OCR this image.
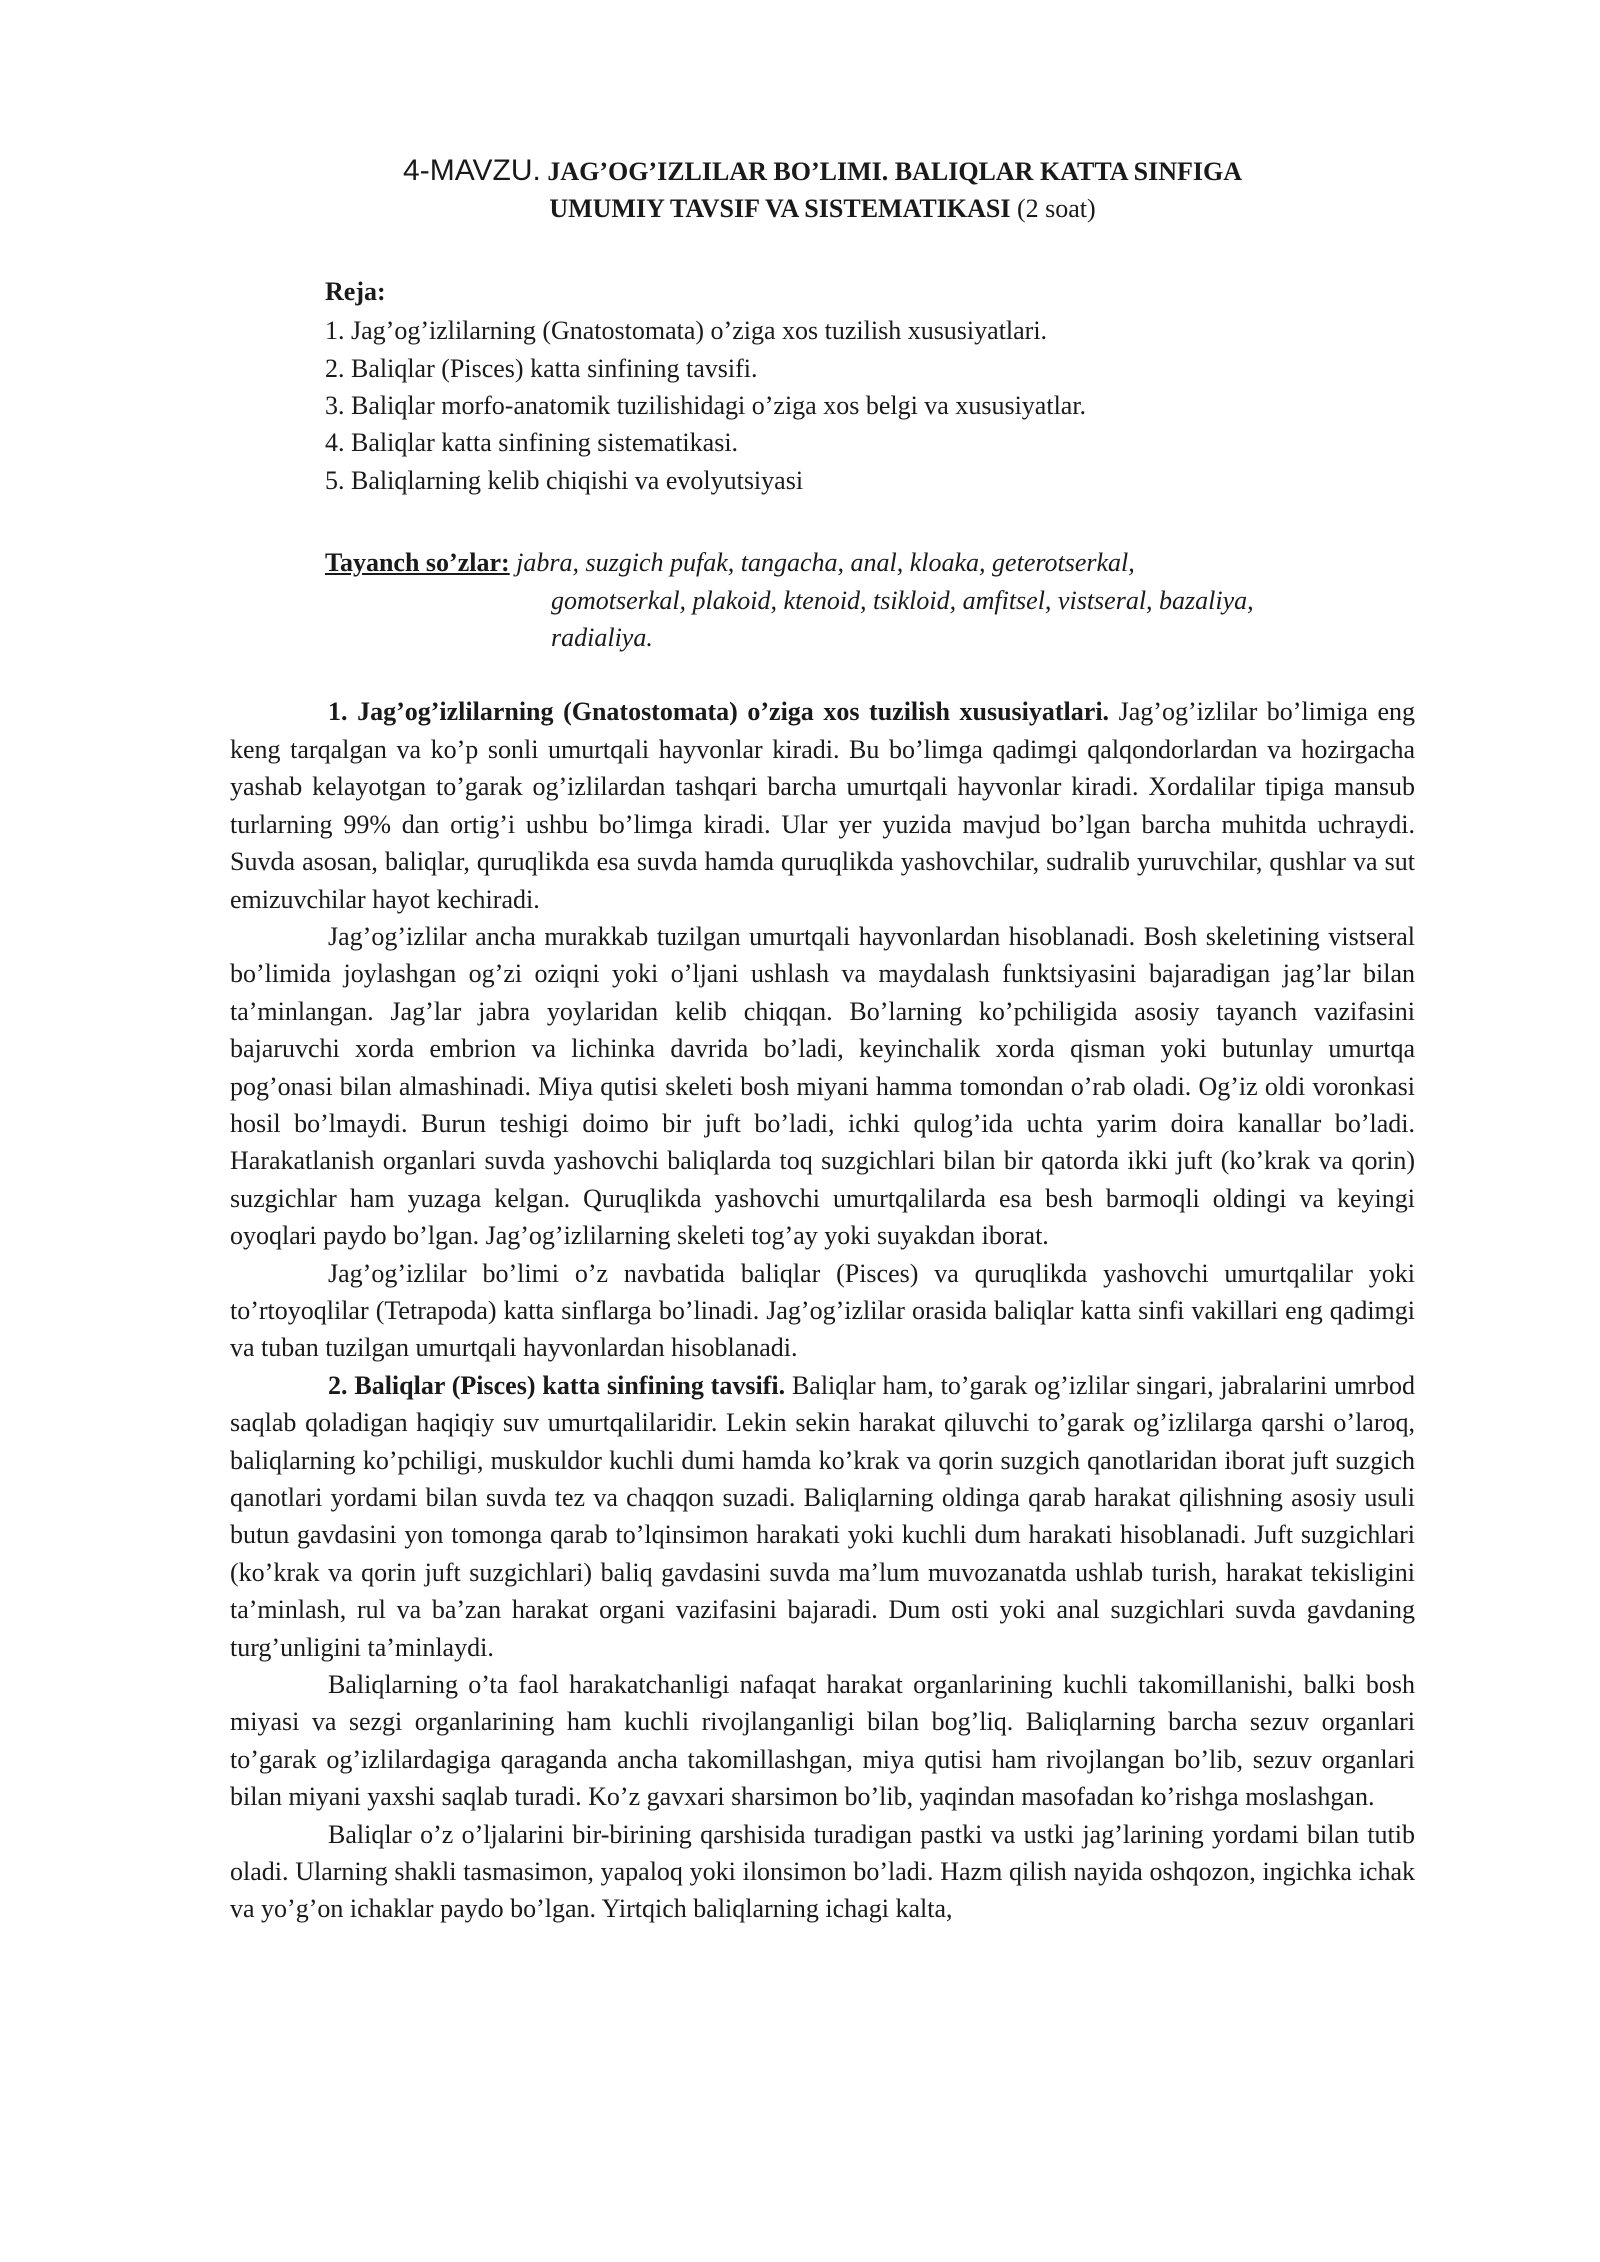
4-MAVZU. JAG’OG’IZLILAR BO’LIMI. BALIQLAR KATTA SINFIGA
UMUMIY TAVSIF VA SISTEMATIKASI (2 soat)
Reja:
1. Jag’og’izlilarning (Gnatostomata) o’ziga xos tuzilish xususiyatlari.
2. Baliqlar (Pisces) katta sinfining tavsifi.
3. Baliqlar morfo-anatomik tuzilishidagi o’ziga xos belgi va xususiyatlar.
4. Baliqlar katta sinfining sistematikasi.
5. Baliqlarning kelib chiqishi va evolyutsiyasi
Tayanch so’zlar: jabra, suzgich pufak, tangacha, anal, kloaka, geterotserkal,
gomotserkal, plakoid, ktenoid, tsikloid, amfitsel, vistseral, bazaliya,
radialiya.

1. Jag’og’izlilarning (Gnatostomata) o’ziga xos tuzilish xususiyatlari. Jag’og’izlilar bo’limiga eng keng tarqalgan va ko’p sonli umurtqali hayvonlar kiradi. Bu bo’limga qadimgi qalqondorlardan va hozirgacha yashab kelayotgan to’garak og’izlilardan tashqari barcha umurtqali hayvonlar kiradi. Xordalilar tipiga mansub turlarning 99% dan ortig’i ushbu bo’limga kiradi. Ular yer yuzida mavjud bo’lgan barcha muhitda uchraydi. Suvda asosan, baliqlar, quruqlikda esa suvda hamda quruqlikda yashovchilar, sudralib yuruvchilar, qushlar va sut emizuvchilar hayot kechiradi.

Jag’og’izlilar ancha murakkab tuzilgan umurtqali hayvonlardan hisoblanadi. Bosh skeletining vistseral bo’limida joylashgan og’zi oziqni yoki o’ljani ushlash va maydalash funktsiyasini bajaradigan jag’lar bilan ta’minlangan. Jag’lar jabra yoylaridan kelib chiqqan. Bo’larning ko’pchiligida asosiy tayanch vazifasini bajaruvchi xorda embrion va lichinka davrida bo’ladi, keyinchalik xorda qisman yoki butunlay umurtqa pog’onasi bilan almashinadi. Miya qutisi skeleti bosh miyani hamma tomondan o’rab oladi. Og’iz oldi voronkasi hosil bo’lmaydi. Burun teshigi doimo bir juft bo’ladi, ichki qulog’ida uchta yarim doira kanallar bo’ladi. Harakatlanish organlari suvda yashovchi baliqlarda toq suzgichlari bilan bir qatorda ikki juft (ko’krak va qorin) suzgichlar ham yuzaga kelgan. Quruqlikda yashovchi umurtqalilarda esa besh barmoqli oldingi va keyingi oyoqlari paydo bo’lgan. Jag’og’izlilarning skeleti tog’ay yoki suyakdan iborat.

Jag’og’izlilar bo’limi o’z navbatida baliqlar (Pisces) va quruqlikda yashovchi umurtqalilar yoki to’rtoyoqlilar (Tetrapoda) katta sinflarga bo’linadi. Jag’og’izlilar orasida baliqlar katta sinfi vakillari eng qadimgi va tuban tuzilgan umurtqali hayvonlardan hisoblanadi.

2. Baliqlar (Pisces) katta sinfining tavsifi. Baliqlar ham, to’garak og’izlilar singari, jabralarini umrbod saqlab qoladigan haqiqiy suv umurtqalilaridir. Lekin sekin harakat qiluvchi to’garak og’izlilarga qarshi o’laroq, baliqlarning ko’pchiligi, muskuldor kuchli dumi hamda ko’krak va qorin suzgich qanotlaridan iborat juft suzgich qanotlari yordami bilan suvda tez va chaqqon suzadi. Baliqlarning oldinga qarab harakat qilishning asosiy usuli butun gavdasini yon tomonga qarab to’lqinsimon harakati yoki kuchli dum harakati hisoblanadi. Juft suzgichlari (ko’krak va qorin juft suzgichlari) baliq gavdasini suvda ma’lum muvozanatda ushlab turish, harakat tekisligini ta’minlash, rul va ba’zan harakat organi vazifasini bajaradi. Dum osti yoki anal suzgichlari suvda gavdaning turg’unligini ta’minlaydi.

Baliqlarning o’ta faol harakatchanligi nafaqat harakat organlarining kuchli takomillanishi, balki bosh miyasi va sezgi organlarining ham kuchli rivojlanganligi bilan bog’liq. Baliqlarning barcha sezuv organlari to’garak og’izlilardagiga qaraganda ancha takomillashgan, miya qutisi ham rivojlangan bo’lib, sezuv organlari bilan miyani yaxshi saqlab turadi. Ko’z gavxari sharsimon bo’lib, yaqindan masofadan ko’rishga moslashgan.

Baliqlar o’z o’ljalarini bir-birining qarshisida turadigan pastki va ustki jag’larining yordami bilan tutib oladi. Ularning shakli tasmasimon, yapaloq yoki ilonsimon bo’ladi. Hazm qilish nayida oshqozon, ingichka ichak va yo’g’on ichaklar paydo bo’lgan. Yirtqich baliqlarning ichagi kalta,
